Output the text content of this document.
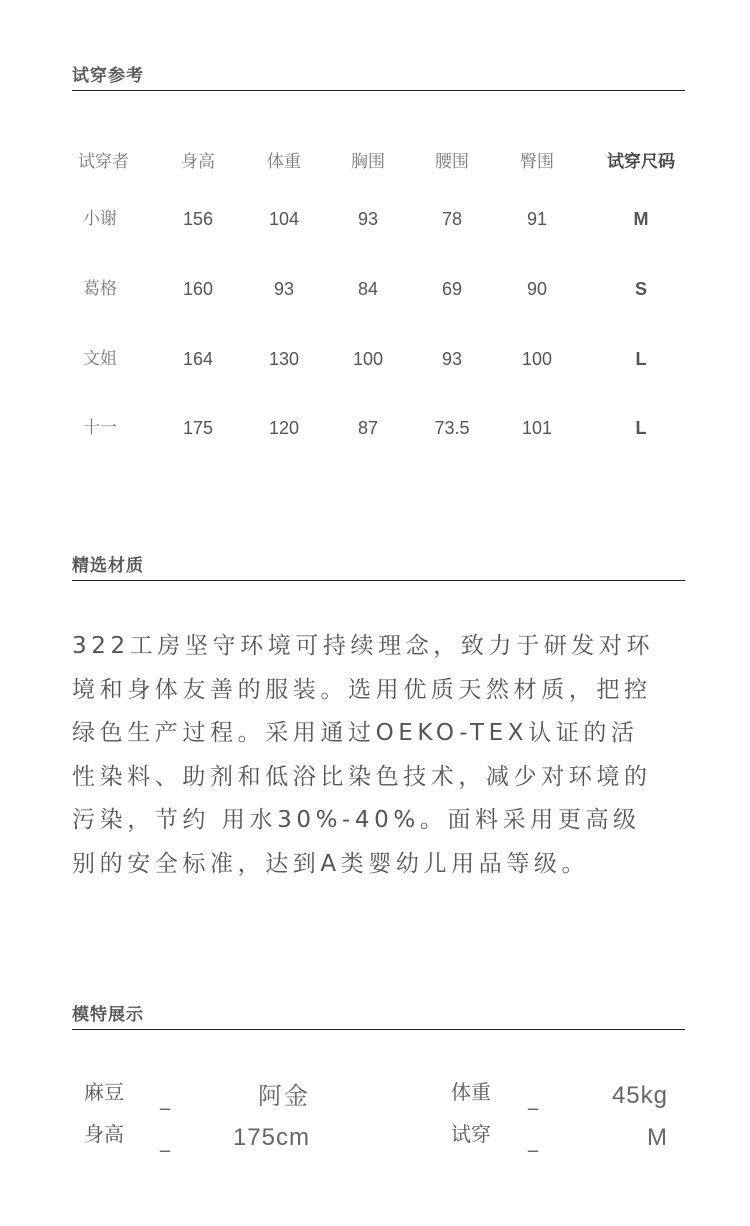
试穿参考
试穿者	身高	体重	胸围	腰围	臀围	试穿尺码
小谢	156	104	93	78	91	M
葛格	160	93	84	69	90	S
文姐	164	130	100	93	100	L
十一	175	120	87	73.5	101	L
精选材质
322工房坚守环境可持续理念，致力于研发对环
境和身体友善的服装。选用优质天然材质，把控
绿色生产过程。采用通过OEKO-TEX认证的活
性染料、助剂和低浴比染色技术，减少对环境的
污染，节约 用水30%-40%。面料采用更高级
别的安全标准，达到A类婴幼儿用品等级。
模特展示
麻豆 _	阿金	体重 _	45kg
身高 _	175cm	试穿 _	M
